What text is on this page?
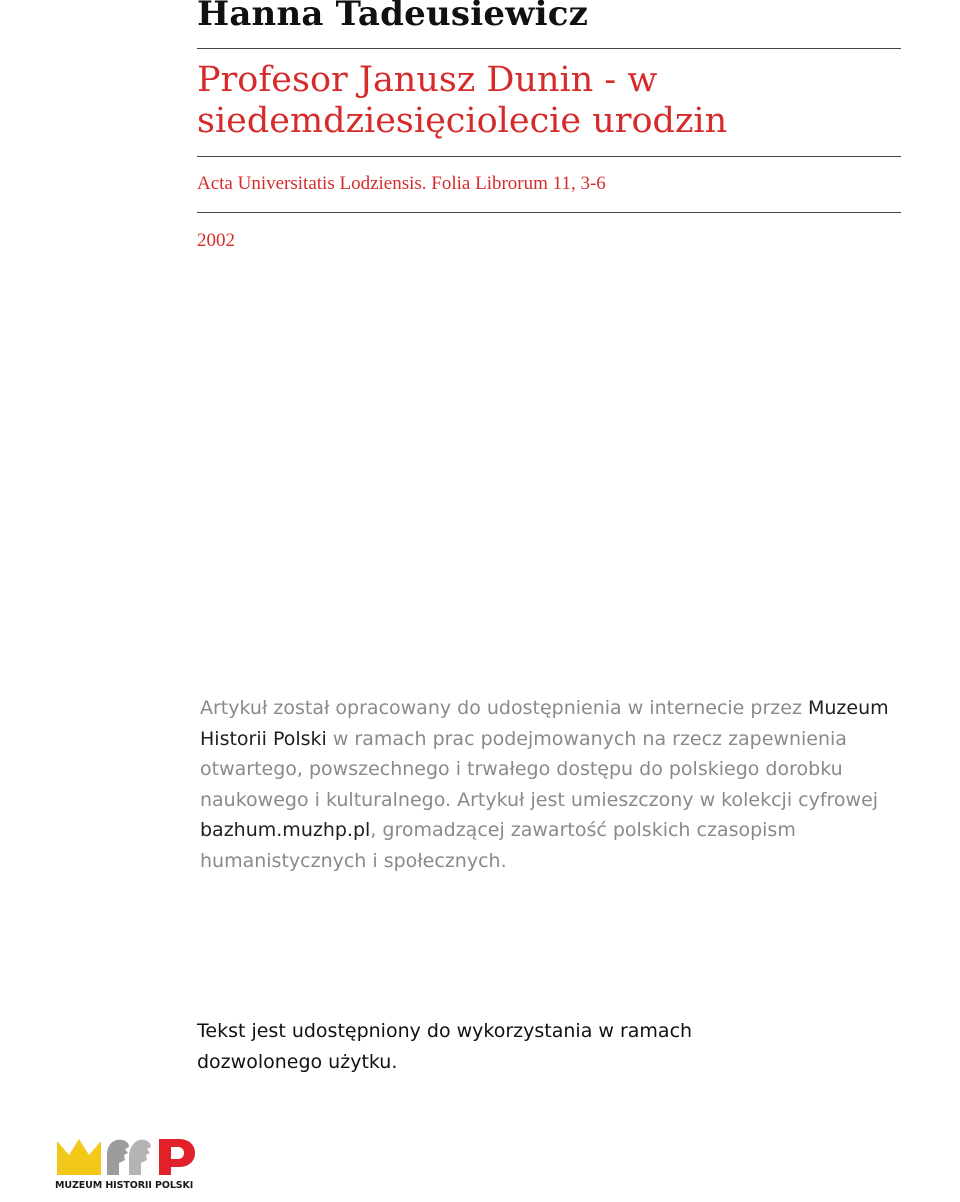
Hanna Tadeusiewicz
Profesor Janusz Dunin - w siedemdziesięciolecie urodzin

Acta Universitatis Lodziensis. Folia Librorum 11, 3-6

2002

Artykuł został opracowany do udostępnienia w internecie przez Muzeum Historii Polski w ramach prac podejmowanych na rzecz zapewnienia otwartego, powszechnego i trwałego dostępu do polskiego dorobku naukowego i kulturalnego. Artykuł jest umieszczony w kolekcji cyfrowej bazhum.muzhp.pl, gromadzącej zawartość polskich czasopism humanistycznych i społecznych.

Tekst jest udostępniony do wykorzystania w ramach dozwolonego użytku.

MUZEUM HISTORII POLSKI
